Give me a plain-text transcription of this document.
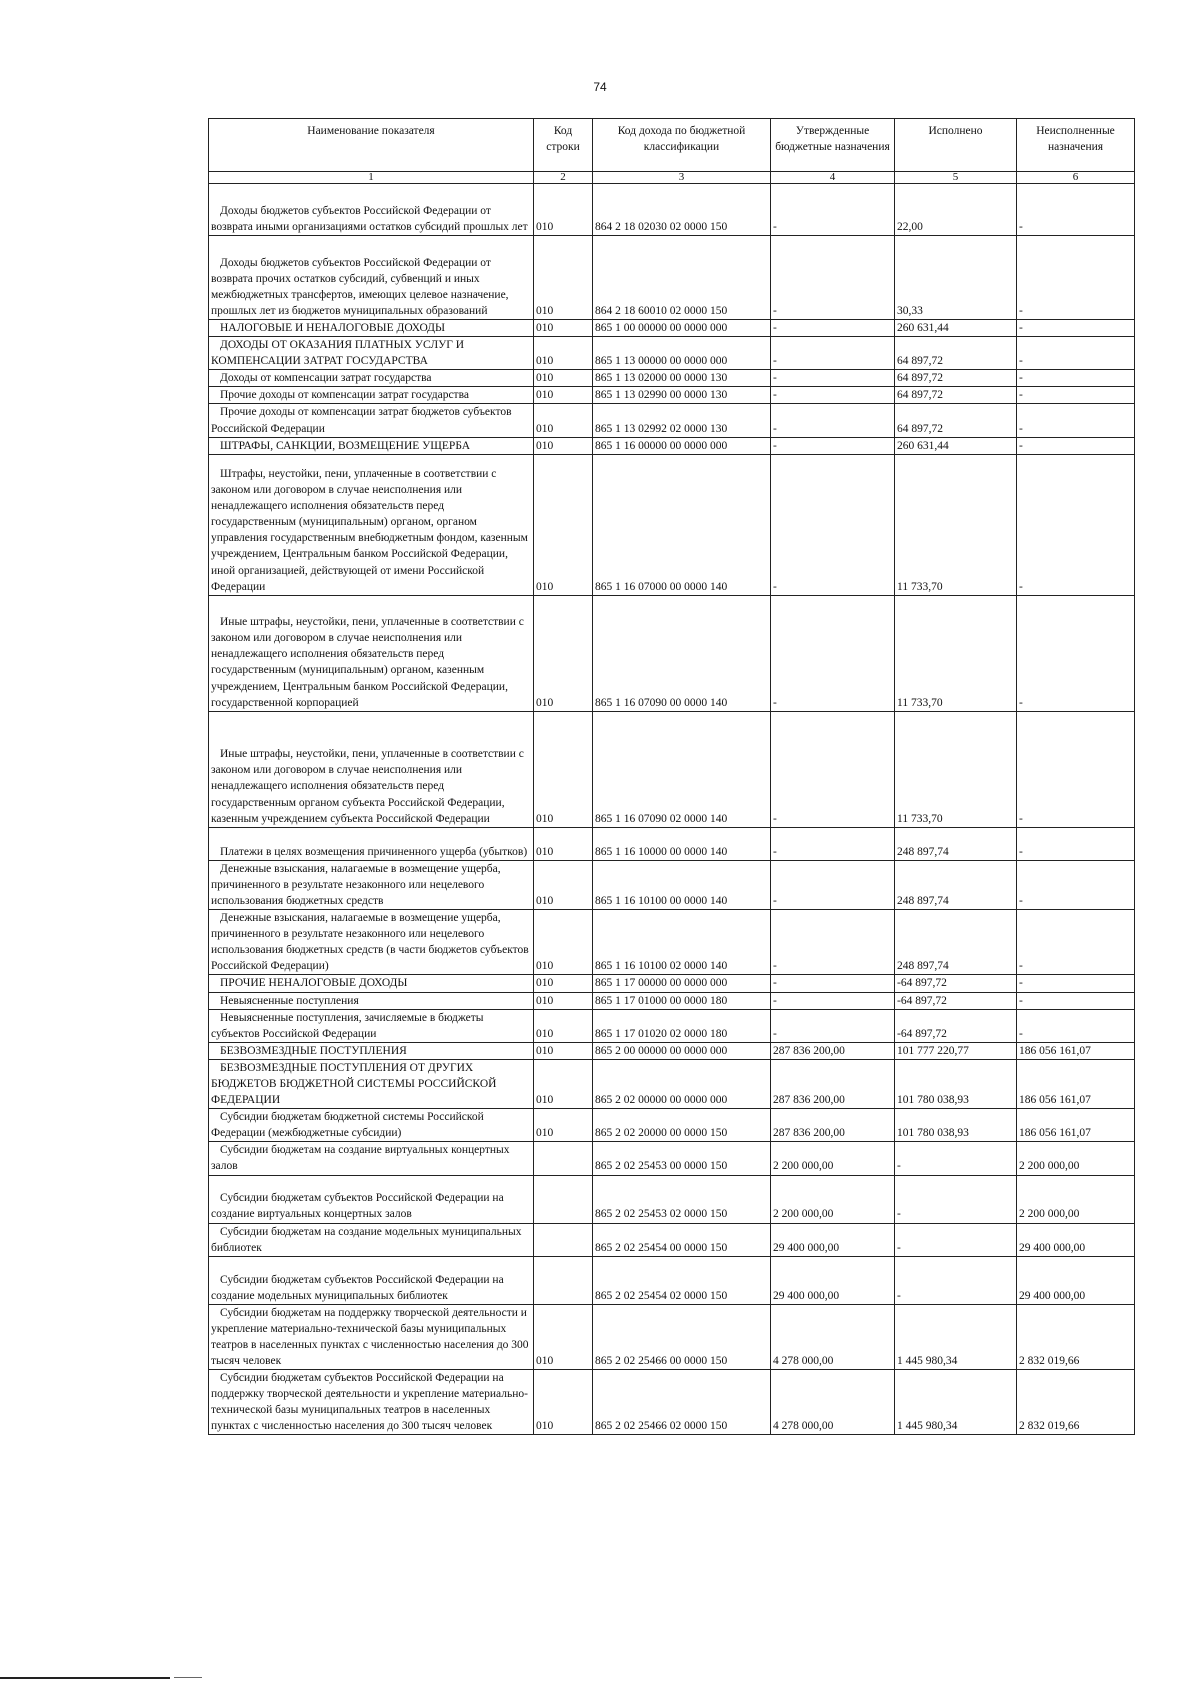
74
Наименование показателя	Код строки	Код дохода по бюджетной классификации	Утвержденные бюджетные назначения	Исполнено	Неисполненные назначения
1	2	3	4	5	6
Доходы бюджетов субъектов Российской Федерации от возврата иными организациями остатков субсидий прошлых лет	010	864 2 18 02030 02 0000 150	-	22,00	-
Доходы бюджетов субъектов Российской Федерации от возврата прочих остатков субсидий, субвенций и иных межбюджетных трансфертов, имеющих целевое назначение, прошлых лет из бюджетов муниципальных образований	010	864 2 18 60010 02 0000 150	-	30,33	-
НАЛОГОВЫЕ И НЕНАЛОГОВЫЕ ДОХОДЫ	010	865 1 00 00000 00 0000 000	-	260 631,44	-
ДОХОДЫ ОТ ОКАЗАНИЯ ПЛАТНЫХ УСЛУГ И КОМПЕНСАЦИИ ЗАТРАТ ГОСУДАРСТВА	010	865 1 13 00000 00 0000 000	-	64 897,72	-
Доходы от компенсации затрат государства	010	865 1 13 02000 00 0000 130	-	64 897,72	-
Прочие доходы от компенсации затрат государства	010	865 1 13 02990 00 0000 130	-	64 897,72	-
Прочие доходы от компенсации затрат бюджетов субъектов Российской Федерации	010	865 1 13 02992 02 0000 130	-	64 897,72	-
ШТРАФЫ, САНКЦИИ, ВОЗМЕЩЕНИЕ УЩЕРБА	010	865 1 16 00000 00 0000 000	-	260 631,44	-
Штрафы, неустойки, пени, уплаченные в соответствии с законом или договором в случае неисполнения или ненадлежащего исполнения обязательств перед государственным (муниципальным) органом, органом управления государственным внебюджетным фондом, казенным учреждением, Центральным банком Российской Федерации, иной организацией, действующей от имени Российской Федерации	010	865 1 16 07000 00 0000 140	-	11 733,70	-
Иные штрафы, неустойки, пени, уплаченные в соответствии с законом или договором в случае неисполнения или ненадлежащего исполнения обязательств перед государственным (муниципальным) органом, казенным учреждением, Центральным банком Российской Федерации, государственной корпорацией	010	865 1 16 07090 00 0000 140	-	11 733,70	-
Иные штрафы, неустойки, пени, уплаченные в соответствии с законом или договором в случае неисполнения или ненадлежащего исполнения обязательств перед государственным органом субъекта Российской Федерации, казенным учреждением субъекта Российской Федерации	010	865 1 16 07090 02 0000 140	-	11 733,70	-
Платежи в целях возмещения причиненного ущерба (убытков)	010	865 1 16 10000 00 0000 140	-	248 897,74	-
Денежные взыскания, налагаемые в возмещение ущерба, причиненного в результате незаконного или нецелевого использования бюджетных средств	010	865 1 16 10100 00 0000 140	-	248 897,74	-
Денежные взыскания, налагаемые в возмещение ущерба, причиненного в результате незаконного или нецелевого использования бюджетных средств (в части бюджетов субъектов Российской Федерации)	010	865 1 16 10100 02 0000 140	-	248 897,74	-
ПРОЧИЕ НЕНАЛОГОВЫЕ ДОХОДЫ	010	865 1 17 00000 00 0000 000	-	-64 897,72	-
Невыясненные поступления	010	865 1 17 01000 00 0000 180	-	-64 897,72	-
Невыясненные поступления, зачисляемые в бюджеты субъектов Российской Федерации	010	865 1 17 01020 02 0000 180	-	-64 897,72	-
БЕЗВОЗМЕЗДНЫЕ ПОСТУПЛЕНИЯ	010	865 2 00 00000 00 0000 000	287 836 200,00	101 777 220,77	186 056 161,07
БЕЗВОЗМЕЗДНЫЕ ПОСТУПЛЕНИЯ ОТ ДРУГИХ БЮДЖЕТОВ БЮДЖЕТНОЙ СИСТЕМЫ РОССИЙСКОЙ ФЕДЕРАЦИИ	010	865 2 02 00000 00 0000 000	287 836 200,00	101 780 038,93	186 056 161,07
Субсидии бюджетам бюджетной системы Российской Федерации (межбюджетные субсидии)	010	865 2 02 20000 00 0000 150	287 836 200,00	101 780 038,93	186 056 161,07
Субсидии бюджетам на создание виртуальных концертных залов		865 2 02 25453 00 0000 150	2 200 000,00	-	2 200 000,00
Субсидии бюджетам субъектов Российской Федерации на создание виртуальных концертных залов		865 2 02 25453 02 0000 150	2 200 000,00	-	2 200 000,00
Субсидии бюджетам на создание модельных муниципальных библиотек		865 2 02 25454 00 0000 150	29 400 000,00	-	29 400 000,00
Субсидии бюджетам субъектов Российской Федерации на создание модельных муниципальных библиотек		865 2 02 25454 02 0000 150	29 400 000,00	-	29 400 000,00
Субсидии бюджетам на поддержку творческой деятельности и укрепление материально-технической базы муниципальных театров в населенных пунктах с численностью населения до 300 тысяч человек	010	865 2 02 25466 00 0000 150	4 278 000,00	1 445 980,34	2 832 019,66
Субсидии бюджетам субъектов Российской Федерации на поддержку творческой деятельности и укрепление материально-технической базы муниципальных театров в населенных пунктах с численностью населения до 300 тысяч человек	010	865 2 02 25466 02 0000 150	4 278 000,00	1 445 980,34	2 832 019,66
